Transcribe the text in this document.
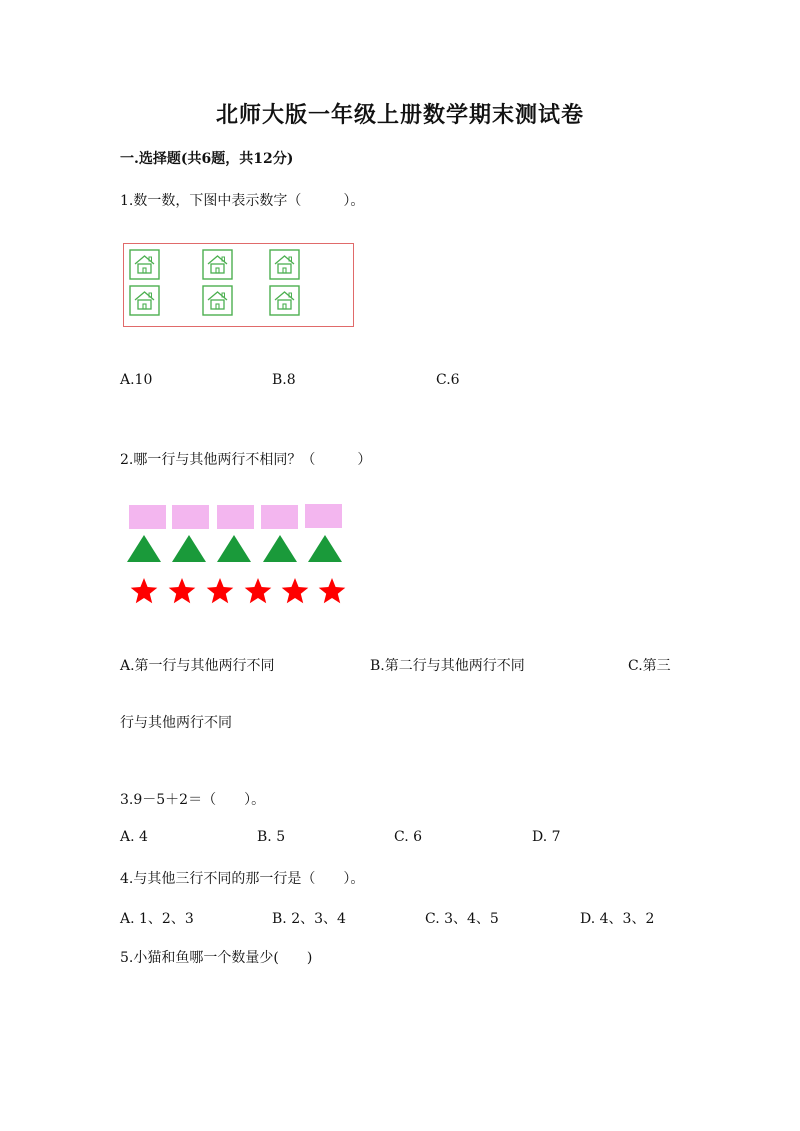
北师大版一年级上册数学期末测试卷
一.选择题(共6题，共12分)
1.数一数，下图中表示数字（　　　）。
A.10	B.8	C.6
2.哪一行与其他两行不相同？（　　　）
A.第一行与其他两行不同	B.第二行与其他两行不同	C.第三
行与其他两行不同
3.9－5＋2＝（　　）。
A. 4	B. 5	C. 6	D. 7
4.与其他三行不同的那一行是（　　）。
A. 1、2、3	B. 2、3、4	C. 3、4、5	D. 4、3、2
5.小猫和鱼哪一个数量少(　　)
